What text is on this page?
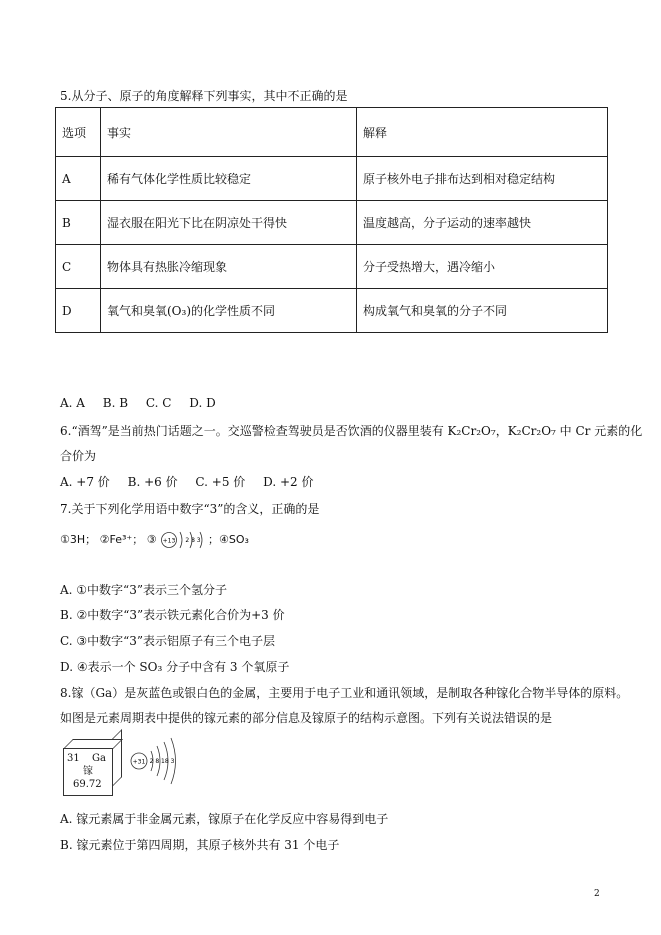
5.从分子、原子的角度解释下列事实，其中不正确的是
选项	事实	解释
A	稀有气体化学性质比较稳定	原子核外电子排布达到相对稳定结构
B	湿衣服在阳光下比在阴凉处干得快	温度越高，分子运动的速率越快
C	物体具有热胀冷缩现象	分子受热增大，遇冷缩小
D	氧气和臭氧(O₃)的化学性质不同	构成氧气和臭氧的分子不同
A. A B. B C. C D. D
6.“酒驾”是当前热门话题之一。交巡警检查驾驶员是否饮酒的仪器里装有 K₂Cr₂O₇，K₂Cr₂O₇ 中 Cr 元素的化
合价为
A. +7 价 B. +6 价 C. +5 价 D. +2 价
7.关于下列化学用语中数字“3”的含义，正确的是
①3H； ②Fe³⁺； ③ +13 2 8 3 ；④SO₃
A. ①中数字“3”表示三个氢分子
B. ②中数字“3”表示铁元素化合价为+3 价
C. ③中数字“3”表示铝原子有三个电子层
D. ④表示一个 SO₃ 分子中含有 3 个氧原子
8.镓（Ga）是灰蓝色或银白色的金属，主要用于电子工业和通讯领域，是制取各种镓化合物半导体的原料。
如图是元素周期表中提供的镓元素的部分信息及镓原子的结构示意图。下列有关说法错误的是
31 Ga
镓
69.72
+31 2 8 18 3
A. 镓元素属于非金属元素，镓原子在化学反应中容易得到电子
B. 镓元素位于第四周期，其原子核外共有 31 个电子
2
